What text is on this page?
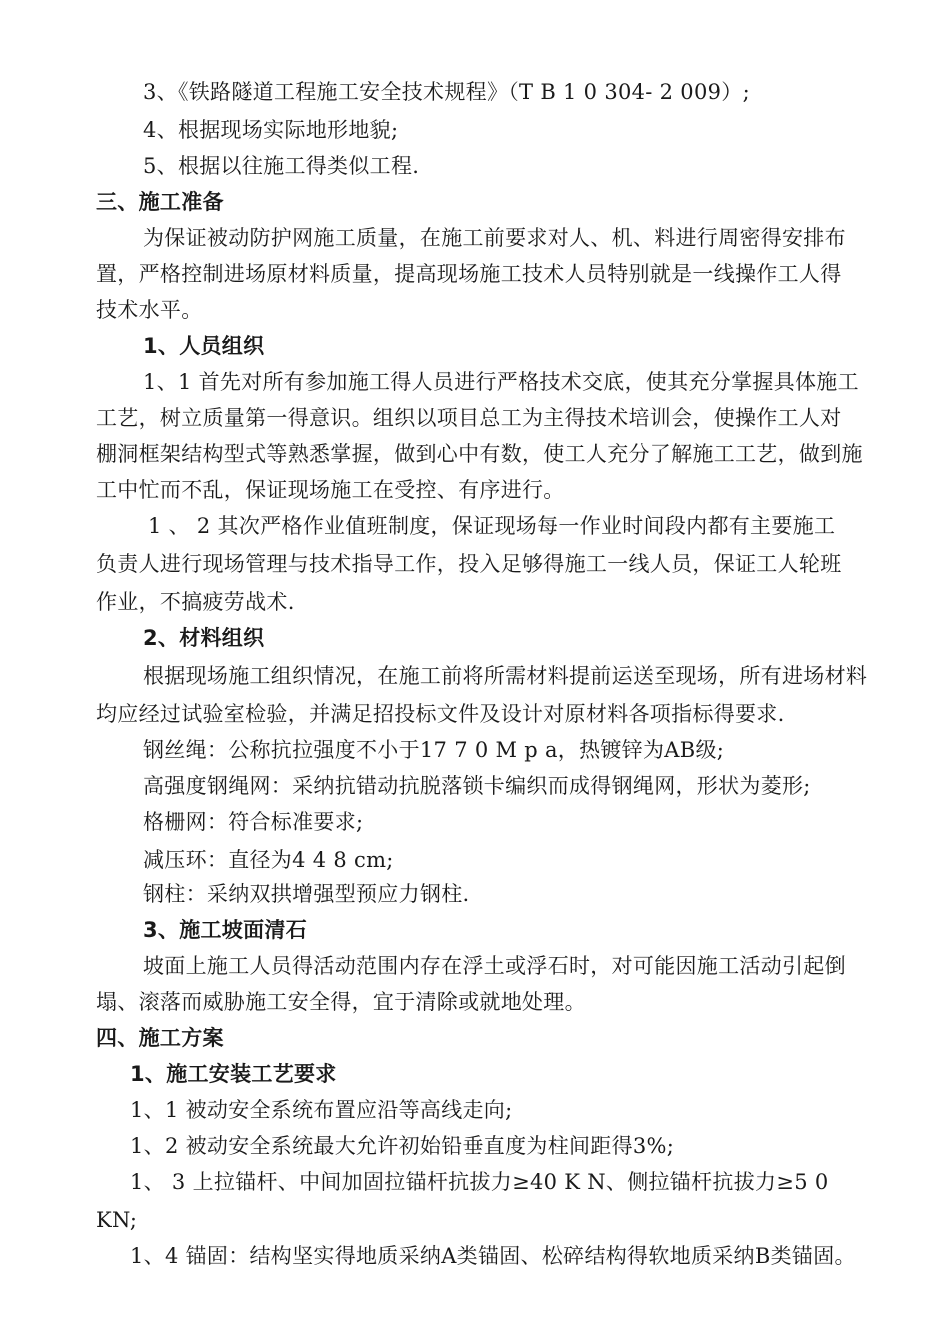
3、《铁路隧道工程施工安全技术规程》（T B 1 0 304- 2 009）;
4、根据现场实际地形地貌;
5、根据以往施工得类似工程.
三、施工准备
为保证被动防护网施工质量，在施工前要求对人、机、料进行周密得安排布
置，严格控制进场原材料质量，提高现场施工技术人员特别就是一线操作工人得
技术水平。
1、人员组织
1、1 首先对所有参加施工得人员进行严格技术交底，使其充分掌握具体施工
工艺，树立质量第一得意识。组织以项目总工为主得技术培训会，使操作工人对
棚洞框架结构型式等熟悉掌握，做到心中有数，使工人充分了解施工工艺，做到施
工中忙而不乱，保证现场施工在受控、有序进行。
1 、 2 其次严格作业值班制度，保证现场每一作业时间段内都有主要施工
负责人进行现场管理与技术指导工作，投入足够得施工一线人员，保证工人轮班
作业，不搞疲劳战术.
2、材料组织
根据现场施工组织情况，在施工前将所需材料提前运送至现场，所有进场材料
均应经过试验室检验，并满足招投标文件及设计对原材料各项指标得要求.
钢丝绳：公称抗拉强度不小于17 7 0 M p a，热镀锌为AB级;
高强度钢绳网：采纳抗错动抗脱落锁卡编织而成得钢绳网，形状为菱形;
格栅网：符合标准要求;
减压环：直径为4 4 8 cm;
钢柱：采纳双拱增强型预应力钢柱.
3、施工坡面清石
坡面上施工人员得活动范围内存在浮土或浮石时，对可能因施工活动引起倒
塌、滚落而威胁施工安全得，宜于清除或就地处理。
四、施工方案
1、施工安装工艺要求
1、1 被动安全系统布置应沿等高线走向;
1、2 被动安全系统最大允许初始铅垂直度为柱间距得3%;
1、 3 上拉锚杆、中间加固拉锚杆抗拔力≥40 K N、侧拉锚杆抗拔力≥5 0
KN;
1、4 锚固：结构坚实得地质采纳A类锚固、松碎结构得软地质采纳B类锚固。
